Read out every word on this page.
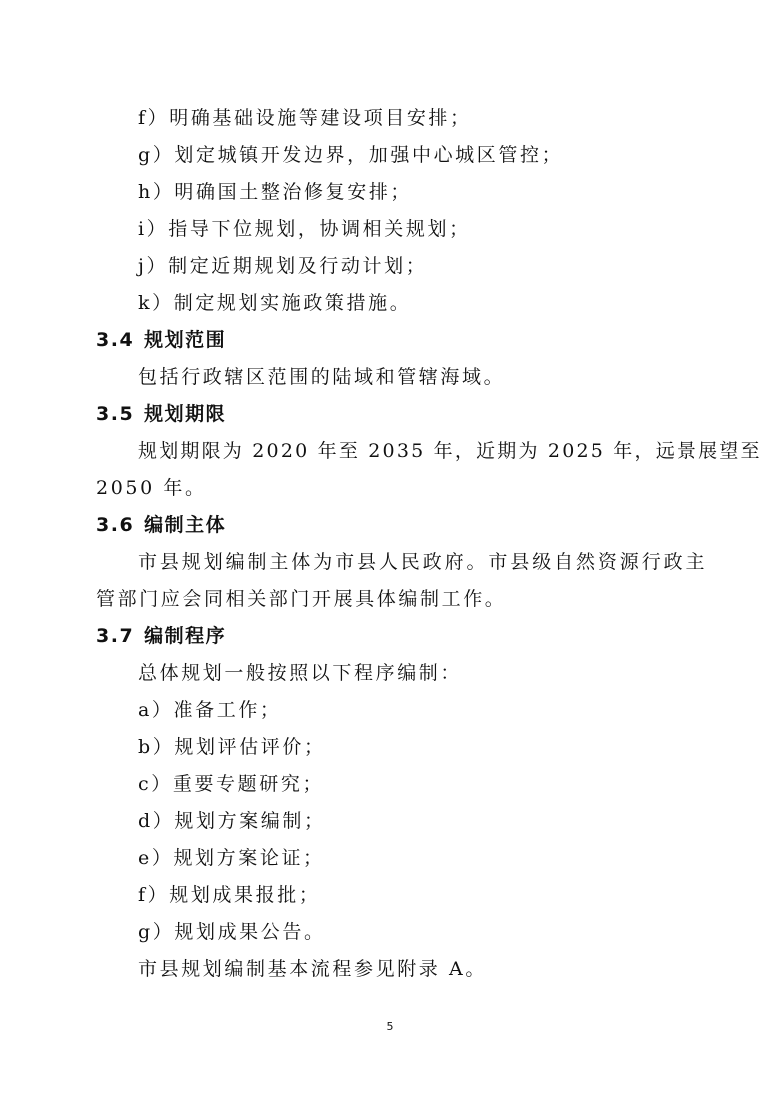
f）明确基础设施等建设项目安排；
g）划定城镇开发边界，加强中心城区管控；
h）明确国土整治修复安排；
i）指导下位规划，协调相关规划；
j）制定近期规划及行动计划；
k）制定规划实施政策措施。
3.4 规划范围
包括行政辖区范围的陆域和管辖海域。
3.5 规划期限
规划期限为 2020 年至 2035 年，近期为 2025 年，远景展望至
2050 年。
3.6 编制主体
市县规划编制主体为市县人民政府。市县级自然资源行政主
管部门应会同相关部门开展具体编制工作。
3.7 编制程序
总体规划一般按照以下程序编制：
a）准备工作；
b）规划评估评价；
c）重要专题研究；
d）规划方案编制；
e）规划方案论证；
f）规划成果报批；
g）规划成果公告。
市县规划编制基本流程参见附录 A。
5
